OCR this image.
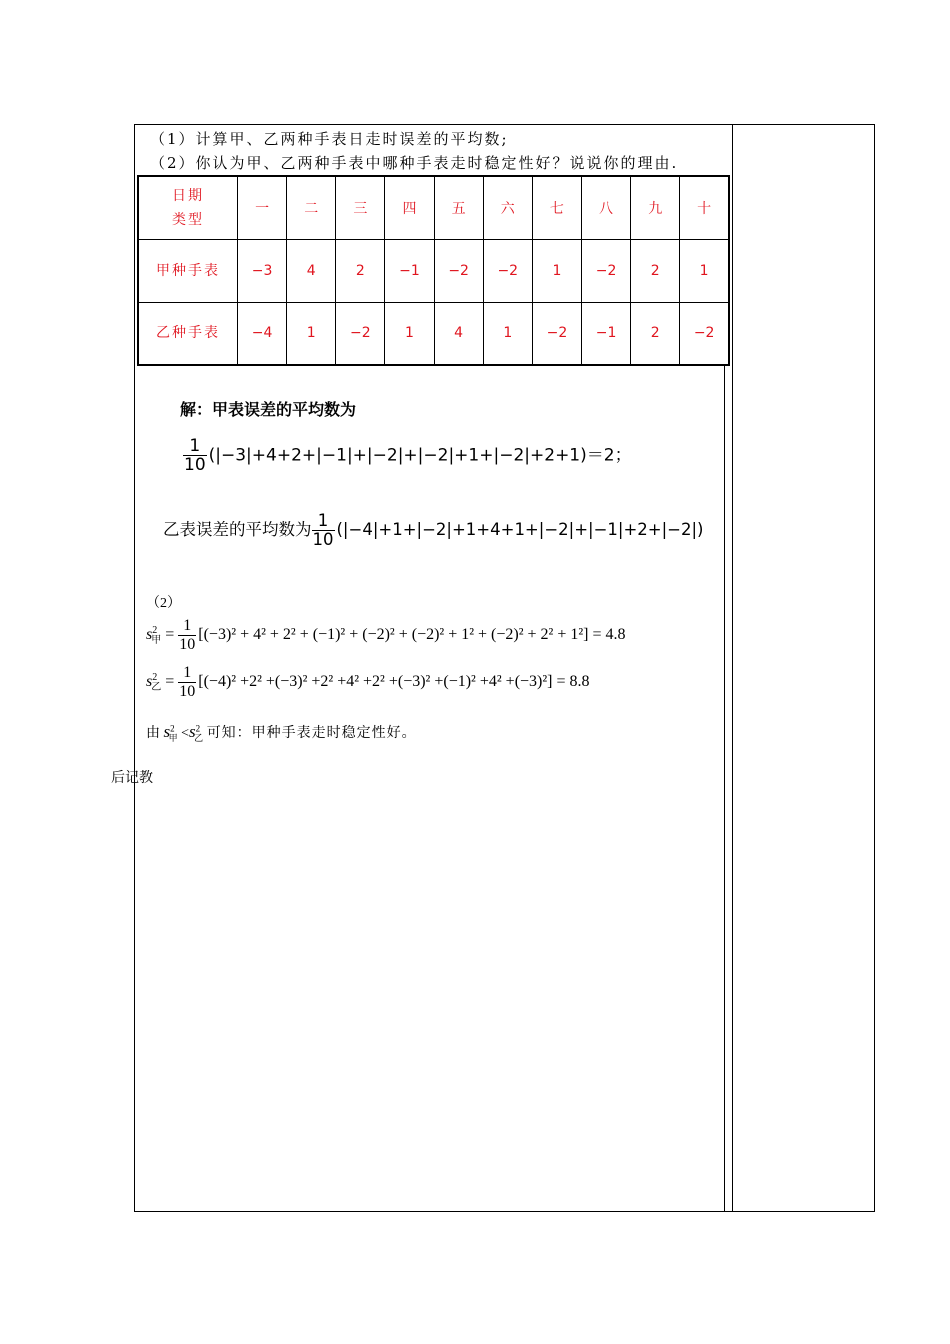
（1）计算甲、乙两种手表日走时误差的平均数;
（2）你认为甲、乙两种手表中哪种手表走时稳定性好？说说你的理由.
日期
类型	一	二	三	四	五	六	七	八	九	十
甲种手表	−3	4	2	−1	−2	−2	1	−2	2	1
乙种手表	−4	1	−2	1	4	1	−2	−1	2	−2
解：甲表误差的平均数为
$\frac{1}{10} (|-3|+4+2+|-1|+|-2|+|-2|+1+|-2|+2+1)=2$；
乙表误差的平均数为 $\frac{1}{10} (|-4|+1+|-2|+1+4+1+|-2|+|-1|+2+|-2|)$
（2）
$s^2_甲 = \frac{1}{10} [(-3)^2 + 4^2 + 2^2 + (-1)^2 + (-2)^2 + (-2)^2 + 1^2 + (-2)^2 + 2^2 + 1^2] = 4.8$
$s^2_乙 = \frac{1}{10} [(-4)^2 +2^2 +(-3)^2 +2^2 +4^2 +2^2 +(-3)^2 +(-1)^2 +4^2 +(-3)^2] = 8.8$
由 $s^2_甲 <s^2_乙$ 可知：甲种手表走时稳定性好。
后记教
